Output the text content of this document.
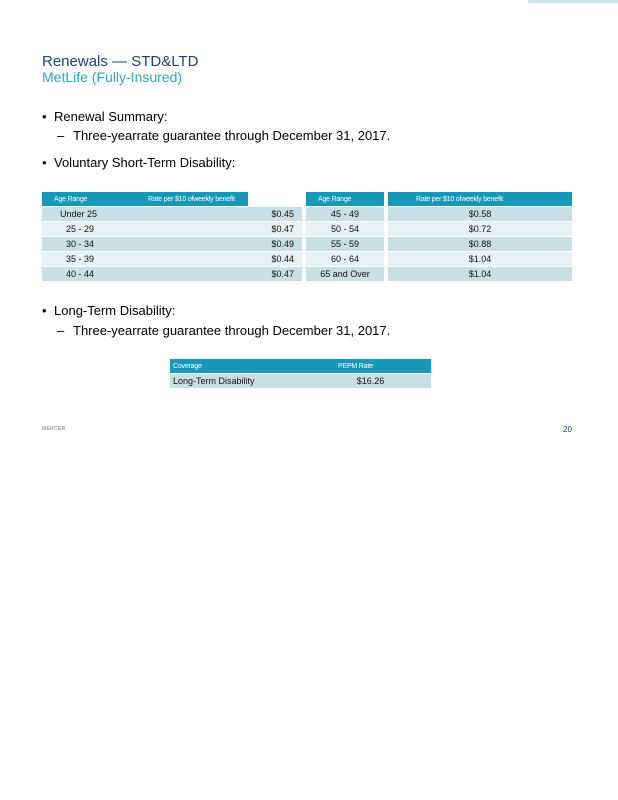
Renewals — STD&LTD
MetLife (Fully-Insured)
• Renewal Summary:
– Three-yearrate guarantee through December 31, 2017.
• Voluntary Short-Term Disability:
Age Range	Rate per $10 ofweekly benefit		Age Range		Rate per $10 ofweekly benefit
Under 25	$0.45		45 - 49		$0.58
25 - 29	$0.47		50 - 54		$0.72
30 - 34	$0.49		55 - 59		$0.88
35 - 39	$0.44		60 - 64		$1.04
40 - 44	$0.47		65 and Over		$1.04
• Long-Term Disability:
– Three-yearrate guarantee through December 31, 2017.
Coverage	PEPM Rate
Long-Term Disability	$16.26
MERCER	20
